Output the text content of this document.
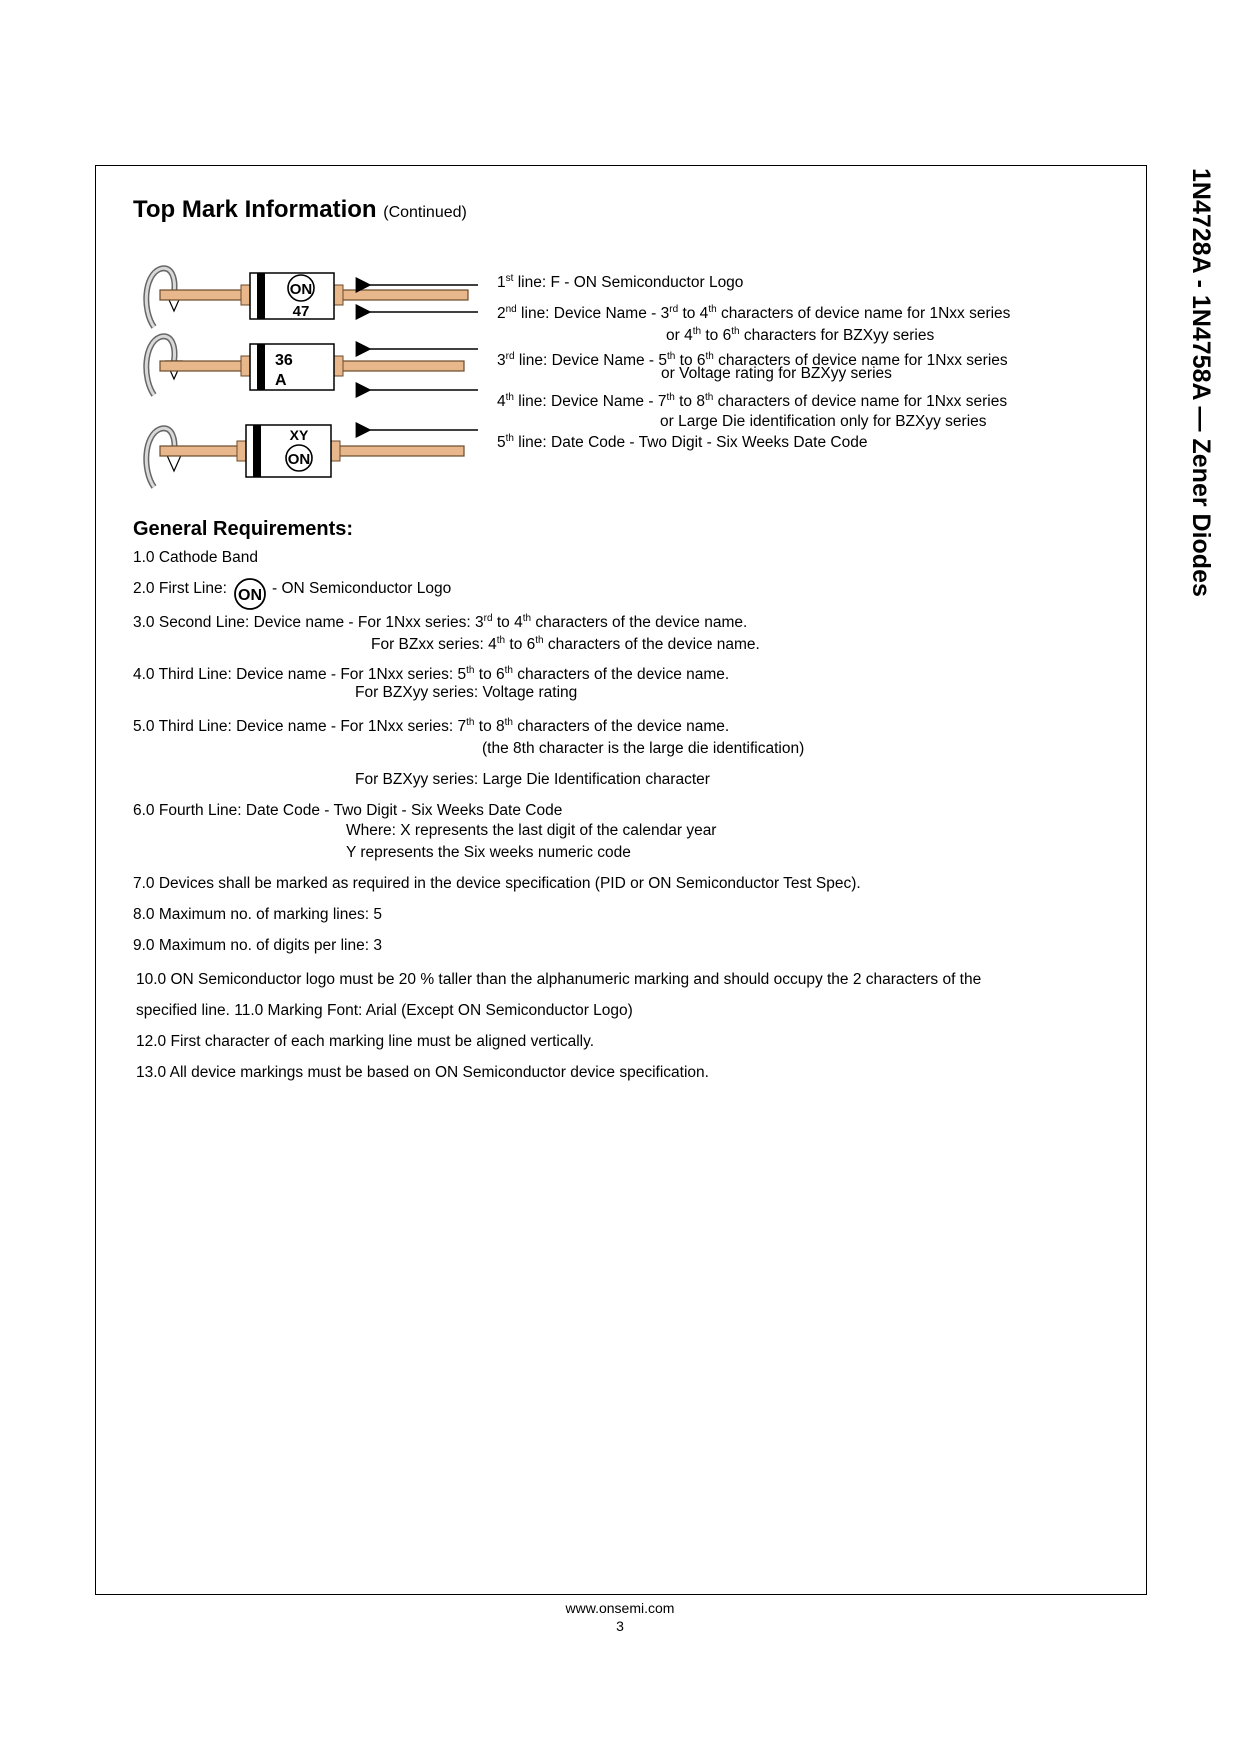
1N4728A - 1N4758A — Zener Diodes
Top Mark Information (Continued)
ON
47
36
A
XY
ON
1st line: F - ON Semiconductor Logo
2nd line: Device Name - 3rd to 4th characters of device name for 1Nxx series
or 4th to 6th characters for BZXyy series
3rd line: Device Name - 5th to 6th characters of device name for 1Nxx series
or Voltage rating for BZXyy series
4th line: Device Name - 7th to 8th characters of device name for 1Nxx series
or Large Die identification only for BZXyy series
5th line: Date Code - Two Digit - Six Weeks Date Code
General Requirements:
1.0 Cathode Band
2.0 First Line: ON - ON Semiconductor Logo
3.0 Second Line: Device name - For 1Nxx series: 3rd to 4th characters of the device name.
For BZxx series: 4th to 6th characters of the device name.
4.0 Third Line: Device name - For 1Nxx series: 5th to 6th characters of the device name.
For BZXyy series: Voltage rating
5.0 Third Line: Device name - For 1Nxx series: 7th to 8th characters of the device name.
(the 8th character is the large die identification)
For BZXyy series: Large Die Identification character
6.0 Fourth Line: Date Code - Two Digit - Six Weeks Date Code
Where: X represents the last digit of the calendar year
Y represents the Six weeks numeric code
7.0 Devices shall be marked as required in the device specification (PID or ON Semiconductor Test Spec).
8.0 Maximum no. of marking lines: 5
9.0 Maximum no. of digits per line: 3
10.0 ON Semiconductor logo must be 20 % taller than the alphanumeric marking and should occupy the 2 characters of the
specified line. 11.0 Marking Font: Arial (Except ON Semiconductor Logo)
12.0 First character of each marking line must be aligned vertically.
13.0 All device markings must be based on ON Semiconductor device specification.
www.onsemi.com
3
